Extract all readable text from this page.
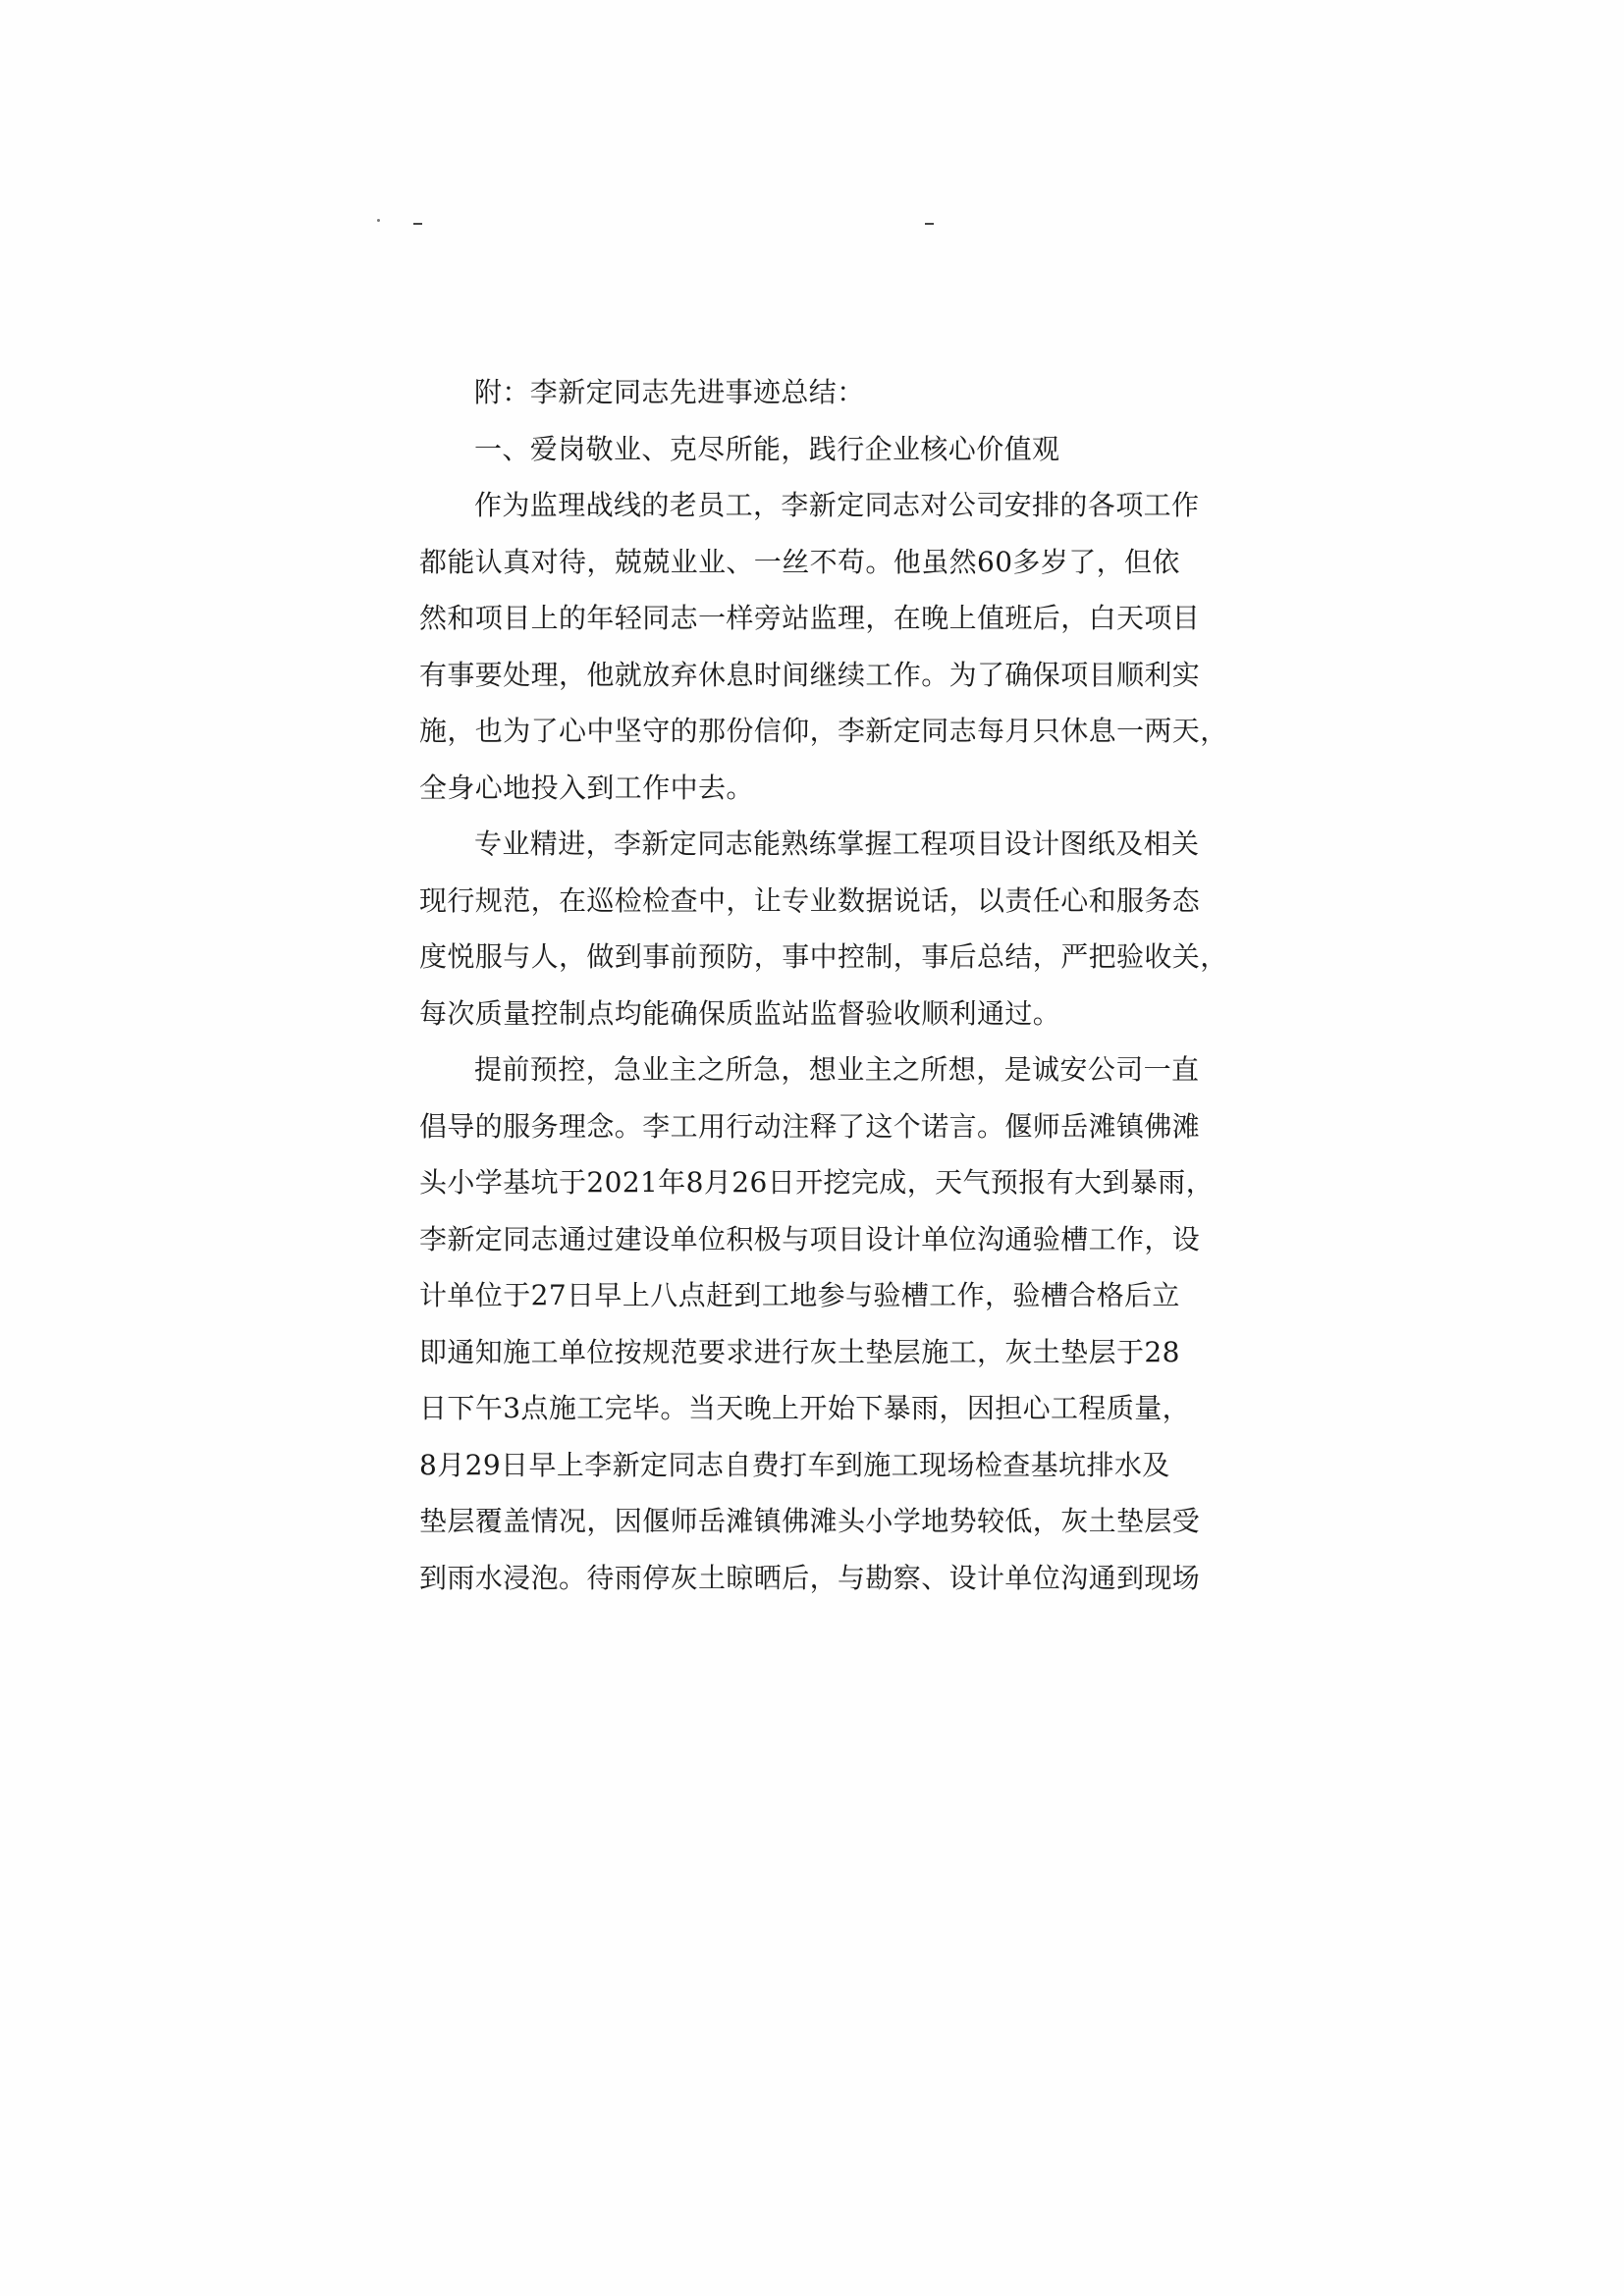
附：李新定同志先进事迹总结：
一、爱岗敬业、克尽所能，践行企业核心价值观
作为监理战线的老员工，李新定同志对公司安排的各项工作
都能认真对待，兢兢业业、一丝不苟。他虽然60多岁了，但依
然和项目上的年轻同志一样旁站监理，在晚上值班后，白天项目
有事要处理，他就放弃休息时间继续工作。为了确保项目顺利实
施，也为了心中坚守的那份信仰，李新定同志每月只休息一两天，
全身心地投入到工作中去。
专业精进，李新定同志能熟练掌握工程项目设计图纸及相关
现行规范，在巡检检查中，让专业数据说话，以责任心和服务态
度悦服与人，做到事前预防，事中控制，事后总结，严把验收关，
每次质量控制点均能确保质监站监督验收顺利通过。
提前预控，急业主之所急，想业主之所想，是诚安公司一直
倡导的服务理念。李工用行动注释了这个诺言。偃师岳滩镇佛滩
头小学基坑于2021年8月26日开挖完成，天气预报有大到暴雨，
李新定同志通过建设单位积极与项目设计单位沟通验槽工作，设
计单位于27日早上八点赶到工地参与验槽工作，验槽合格后立
即通知施工单位按规范要求进行灰土垫层施工，灰土垫层于28
日下午3点施工完毕。当天晚上开始下暴雨，因担心工程质量，
8月29日早上李新定同志自费打车到施工现场检查基坑排水及
垫层覆盖情况，因偃师岳滩镇佛滩头小学地势较低，灰土垫层受
到雨水浸泡。待雨停灰土晾晒后，与勘察、设计单位沟通到现场
